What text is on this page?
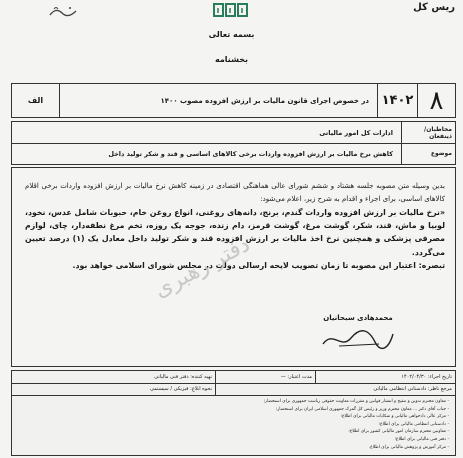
ریس کل
بسمه تعالی
بخشنامه
۸
۱۴۰۲
در خصوص اجرای قانون مالیات بر ارزش افزوده مصوب ۱۴۰۰
الف
مخاطبان/ذینفعان
ادارات کل امور مالیاتی
موضوع
کاهش نرخ مالیات بر ارزش افزوده واردات برخی کالاهای اساسی و قند و شکر تولید داخل

بدین وسیله متن مصوبه جلسه هشتاد و ششم شورای عالی هماهنگی اقتصادی در زمینه کاهش نرخ مالیات بر ارزش افزوده واردات برخی اقلام کالاهای اساسی، برای اجراء و اقدام به شرح زیر، اعلام می‌شود:

«نرخ مالیات بر ارزش افزوده واردات گندم، برنج، دانه‌های روغنی، انواع روغن خام، حبوبات شامل عدس، نخود، لوبیا و ماش، قند، شکر، گوشت مرغ، گوشت قرمز، دام زنده، جوجه یک روزه، تخم مرغ نطفه‌دار، چای، لوازم مصرفی پزشکی و همچنین نرخ اخذ مالیات بر ارزش افزوده قند و شکر تولید داخل معادل یک (۱) درصد تعیین می‌گردد.

تبصره: اعتبار این مصوبه تا زمان تصویب لایحه ارسالی دولت در مجلس شورای اسلامی خواهد بود.

دفتر رهبری
محمدهادی سبحانیان
تاریخ اجراء: ۱۴۰۲/۰۴/۳۰
مدت اعتبار: —
تهیه کننده: دفتر فنی مالیاتی
مرجع ناظر: دادستانی انتظامی مالیاتی
نحوه ابلاغ: فیزیکی / سیستمی
- معاون محترم تدوین و تنقیح و انتشار قوانین و مقررات معاونت حقوقی ریاست جمهوری برای استحضار؛
- جناب آقای دکتر ... معاون محترم وزیر و رئیس کل گمرک جمهوری اسلامی ایران برای استحضار؛
- مرکز عالی دادخواهی مالیاتی و شکایات مالیاتی برای اطلاع؛
- دادستانی انتظامی مالیاتی برای اطلاع؛
- معاونین محترم سازمان امور مالیاتی کشور برای اطلاع؛
- دفتر فنی مالیاتی برای اطلاع؛
- مرکز آموزش و پژوهش مالیاتی برای اطلاع.
